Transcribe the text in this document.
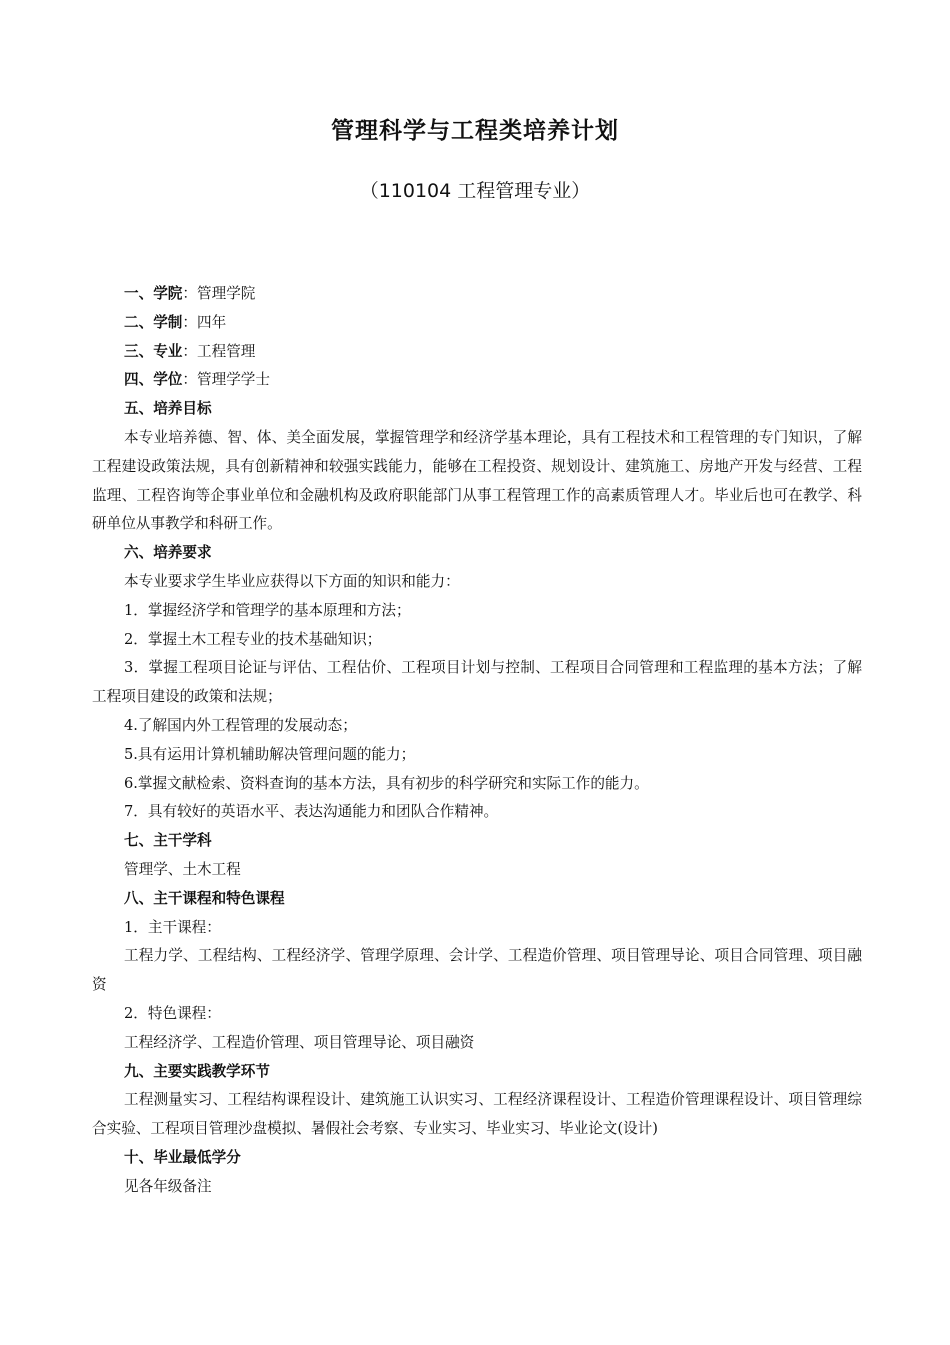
管理科学与工程类培养计划
（110104 工程管理专业）
一、学院：管理学院
二、学制：四年
三、专业：工程管理
四、学位：管理学学士
五、培养目标
本专业培养德、智、体、美全面发展，掌握管理学和经济学基本理论，具有工程技术和工程管理的专门知识，了解工程建设政策法规，具有创新精神和较强实践能力，能够在工程投资、规划设计、建筑施工、房地产开发与经营、工程监理、工程咨询等企事业单位和金融机构及政府职能部门从事工程管理工作的高素质管理人才。毕业后也可在教学、科研单位从事教学和科研工作。
六、培养要求
本专业要求学生毕业应获得以下方面的知识和能力：
1．掌握经济学和管理学的基本原理和方法；
2．掌握土木工程专业的技术基础知识；
3．掌握工程项目论证与评估、工程估价、工程项目计划与控制、工程项目合同管理和工程监理的基本方法；了解工程项目建设的政策和法规；
4.了解国内外工程管理的发展动态；
5.具有运用计算机辅助解决管理问题的能力；
6.掌握文献检索、资料查询的基本方法，具有初步的科学研究和实际工作的能力。
7．具有较好的英语水平、表达沟通能力和团队合作精神。
七、主干学科
管理学、土木工程
八、主干课程和特色课程
1．主干课程：
工程力学、工程结构、工程经济学、管理学原理、会计学、工程造价管理、项目管理导论、项目合同管理、项目融资
2．特色课程：
工程经济学、工程造价管理、项目管理导论、项目融资
九、主要实践教学环节
工程测量实习、工程结构课程设计、建筑施工认识实习、工程经济课程设计、工程造价管理课程设计、项目管理综合实验、工程项目管理沙盘模拟、暑假社会考察、专业实习、毕业实习、毕业论文(设计)
十、毕业最低学分
见各年级备注
